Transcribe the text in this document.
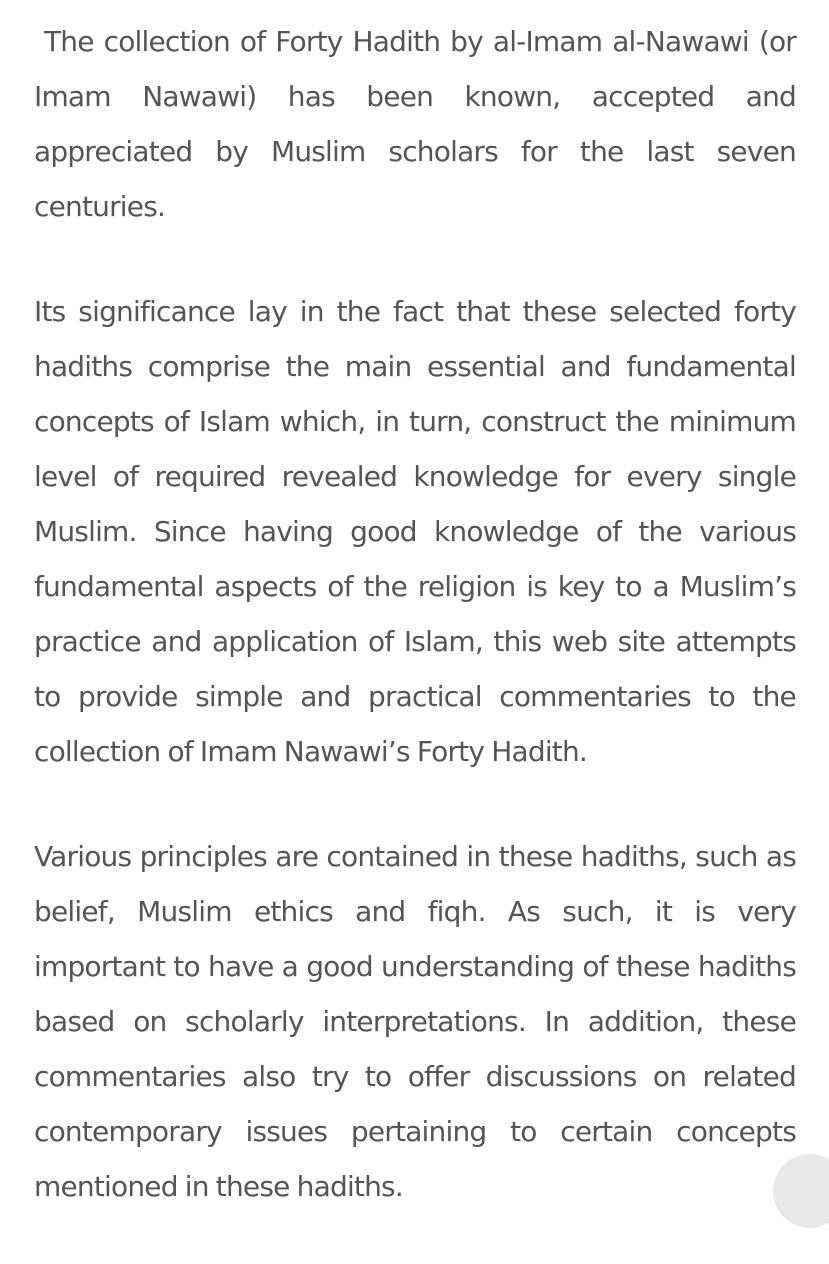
The collection of Forty Hadith by al-Imam al-Nawawi (or Imam Nawawi) has been known, accepted and appreciated by Muslim scholars for the last seven centuries.

Its significance lay in the fact that these selected forty hadiths comprise the main essential and fundamental concepts of Islam which, in turn, construct the minimum level of required revealed knowledge for every single Muslim. Since having good knowledge of the various fundamental aspects of the religion is key to a Muslim’s practice and application of Islam, this web site attempts to provide simple and practical commentaries to the collection of Imam Nawawi’s Forty Hadith.

Various principles are contained in these hadiths, such as belief, Muslim ethics and fiqh. As such, it is very important to have a good understanding of these hadiths based on scholarly interpretations. In addition, these commentaries also try to offer discussions on related contemporary issues pertaining to certain concepts mentioned in these hadiths.
